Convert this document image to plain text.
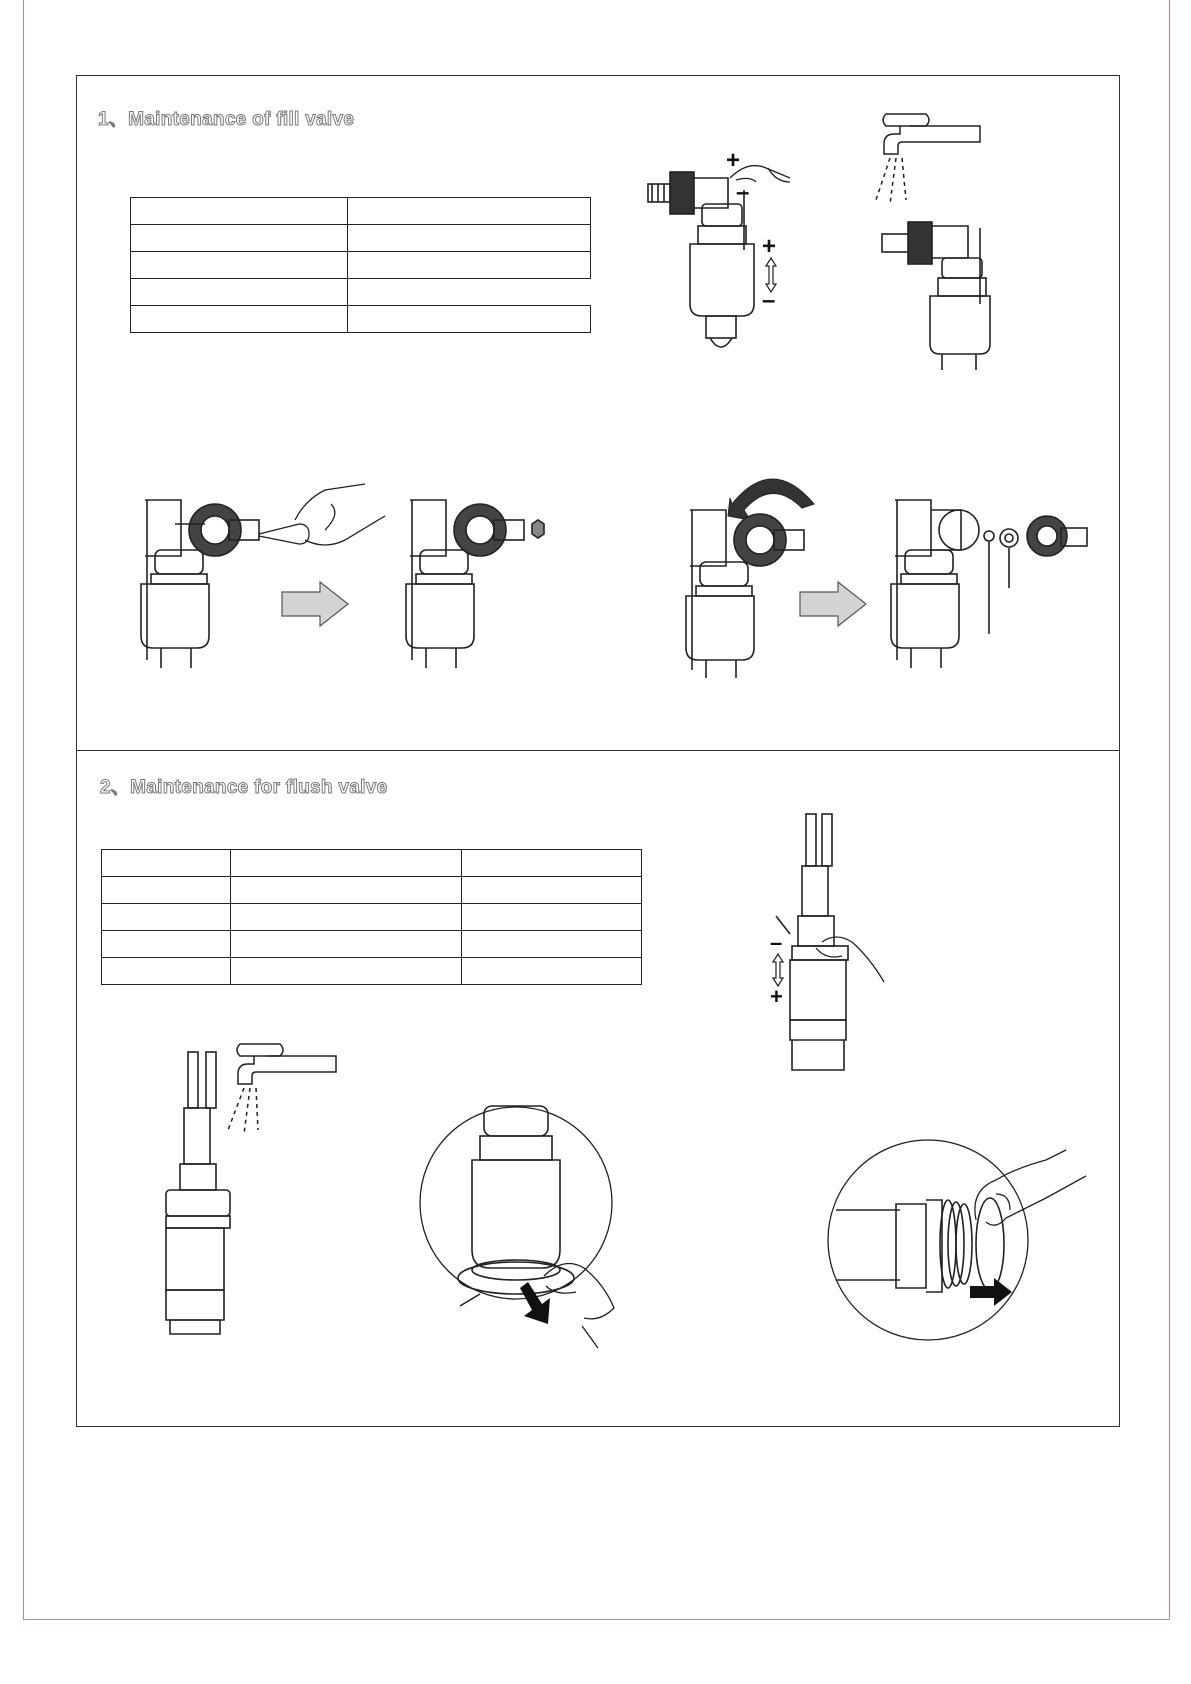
1、Maintenance of fill valve

+
–
+
–
2、Maintenance for flush valve

–
+
